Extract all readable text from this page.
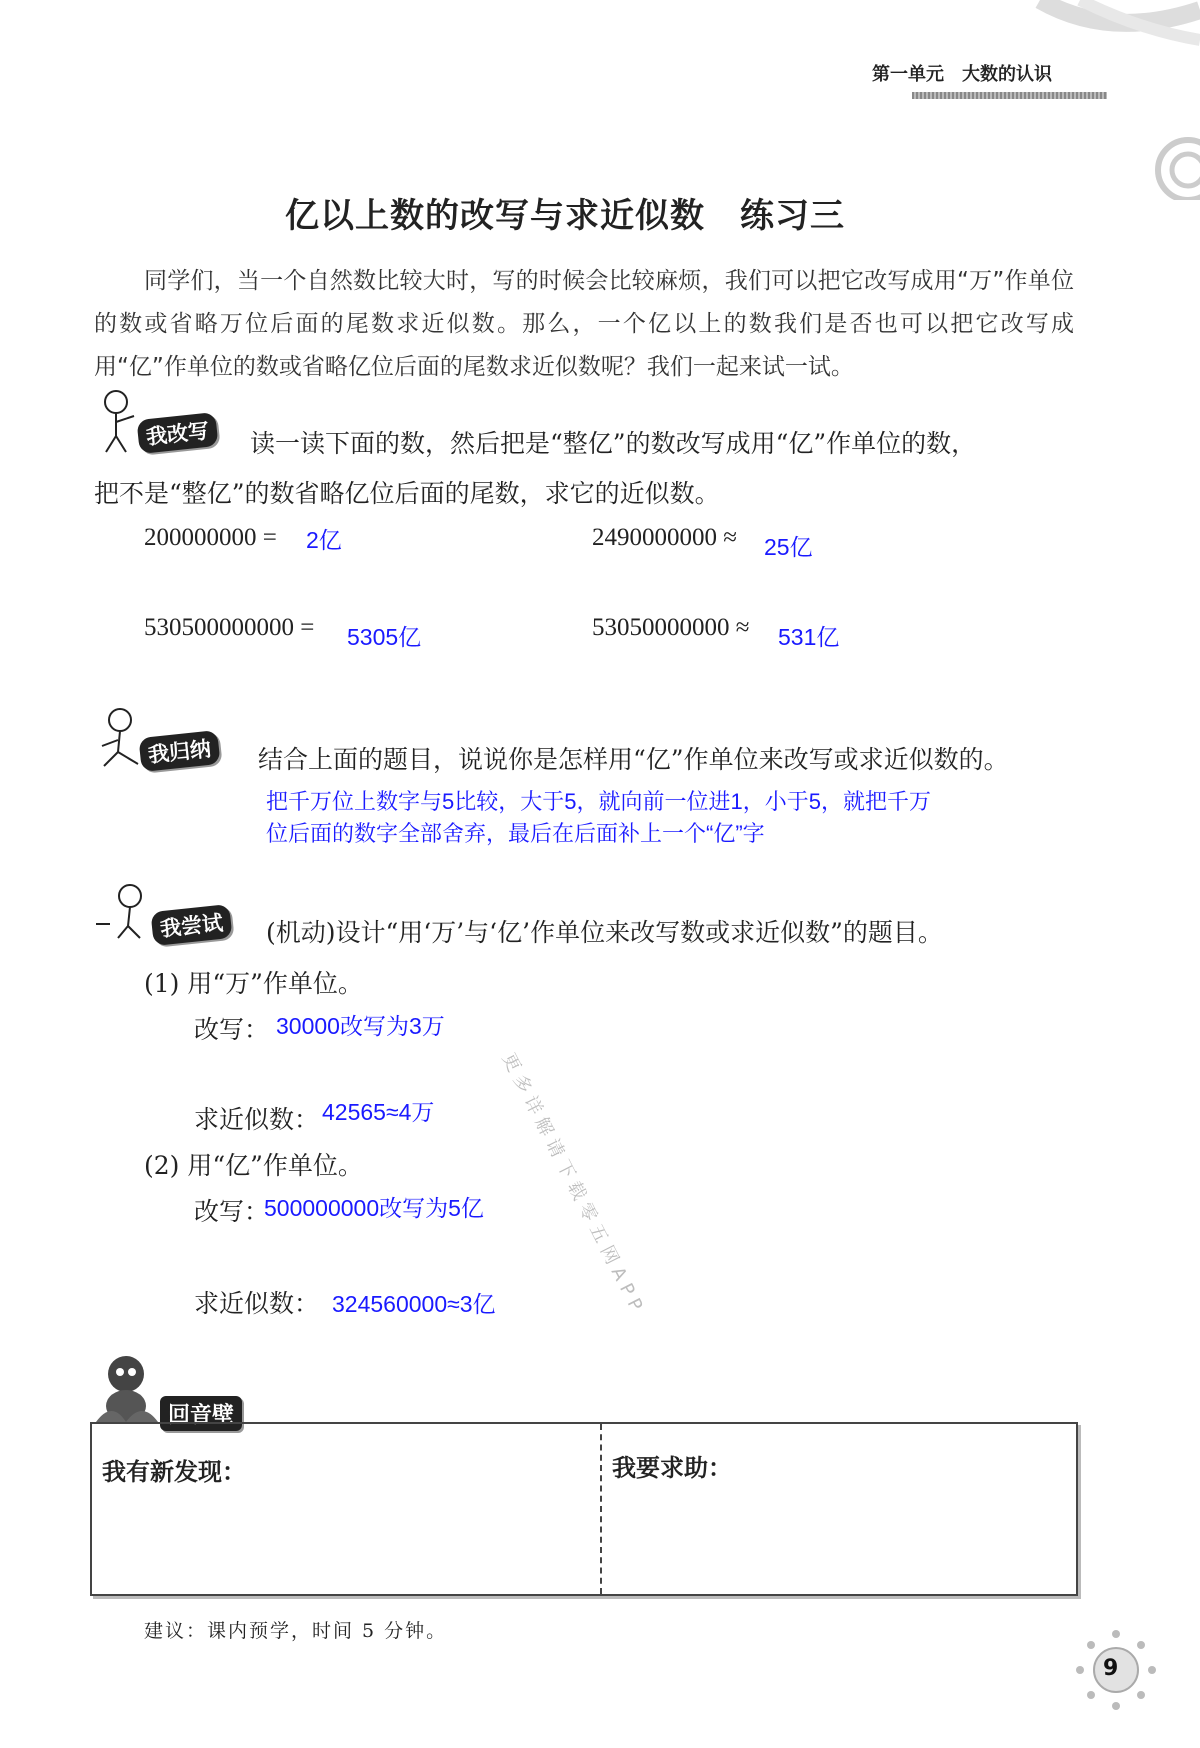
第一单元　大数的认识
亿以上数的改写与求近似数　练习三
同学们，当一个自然数比较大时，写的时候会比较麻烦，我们可以把它改写成用“万”作单位的数或省略万位后面的尾数求近似数。那么，一个亿以上的数我们是否也可以把它改写成用“亿”作单位的数或省略亿位后面的尾数求近似数呢？我们一起来试一试。
我改写	读一读下面的数，然后把是“整亿”的数改写成用“亿”作单位的数，
把不是“整亿”的数省略亿位后面的尾数，求它的近似数。
200000000 = 2亿	2490000000 ≈ 25亿
530500000000 = 5305亿	53050000000 ≈ 531亿
我归纳	结合上面的题目，说说你是怎样用“亿”作单位来改写或求近似数的。
把千万位上数字与5比较，大于5，就向前一位进1，小于5，就把千万
位后面的数字全部舍弃，最后在后面补上一个“亿”字
我尝试	(机动)设计“用‘万’与‘亿’作单位来改写数或求近似数”的题目。
(1) 用“万”作单位。
改写： 30000改写为3万
求近似数： 42565≈4万
(2) 用“亿”作单位。
改写：
500000000改写为5亿
求近似数： 324560000≈3亿 更多详解请下载零五网APP
回音壁
我有新发现：	我要求助：
建议：课内预学，时间 5 分钟。
9
